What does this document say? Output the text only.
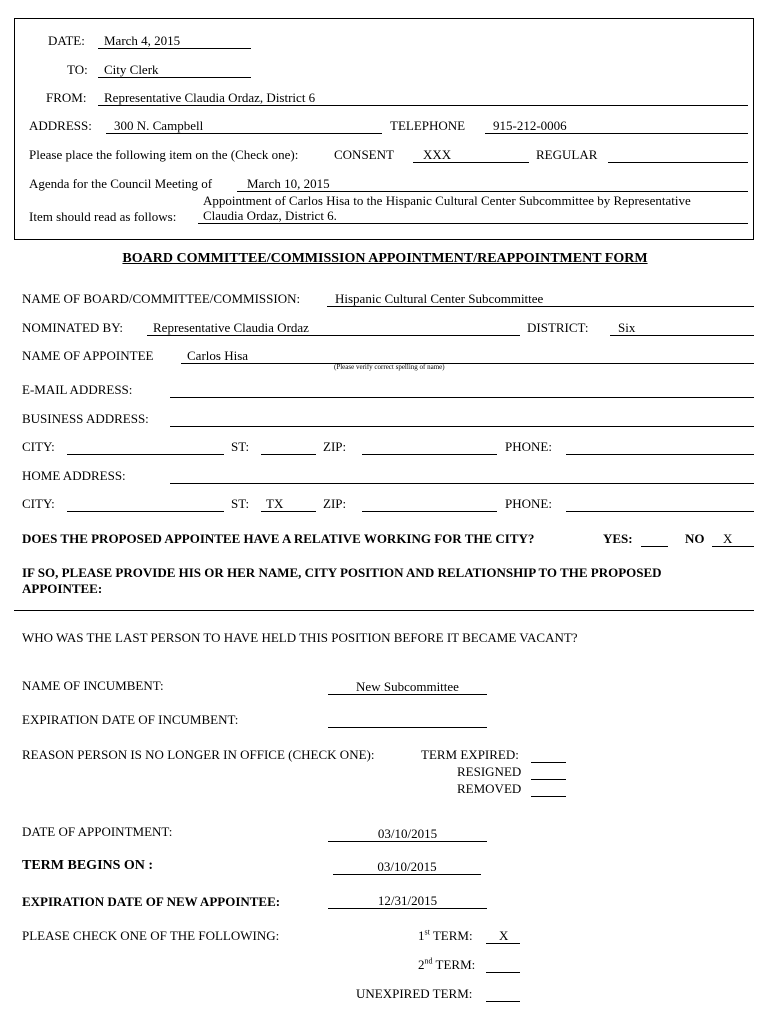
DATE:	March 4, 2015
TO:	City Clerk
FROM:	Representative Claudia Ordaz, District 6
ADDRESS:	300 N. Campbell	TELEPHONE	915-212-0006
Please place the following item on the (Check one):	CONSENT	XXX	REGULAR
Agenda for the Council Meeting of	March 10, 2015
Appointment of Carlos Hisa to the Hispanic Cultural Center Subcommittee by Representative
Item should read as follows:	Claudia Ordaz, District 6.
BOARD COMMITTEE/COMMISSION APPOINTMENT/REAPPOINTMENT FORM
NAME OF BOARD/COMMITTEE/COMMISSION:	Hispanic Cultural Center Subcommittee
NOMINATED BY:	Representative Claudia Ordaz	DISTRICT:	Six
NAME OF APPOINTEE	Carlos Hisa
(Please verify correct spelling of name)
E-MAIL ADDRESS:
BUSINESS ADDRESS:
CITY:	ST:	ZIP:	PHONE:
HOME ADDRESS:
CITY:	ST:	TX	ZIP:	PHONE:
DOES THE PROPOSED APPOINTEE HAVE A RELATIVE WORKING FOR THE CITY?	YES:	NO	X
IF SO, PLEASE PROVIDE HIS OR HER NAME, CITY POSITION AND RELATIONSHIP TO THE PROPOSED
APPOINTEE:
WHO WAS THE LAST PERSON TO HAVE HELD THIS POSITION BEFORE IT BECAME VACANT?
NAME OF INCUMBENT:	New Subcommittee
EXPIRATION DATE OF INCUMBENT:
REASON PERSON IS NO LONGER IN OFFICE (CHECK ONE):	TERM EXPIRED:
RESIGNED
REMOVED
DATE OF APPOINTMENT:	03/10/2015
TERM BEGINS ON :	03/10/2015
EXPIRATION DATE OF NEW APPOINTEE:	12/31/2015
PLEASE CHECK ONE OF THE FOLLOWING:	1st TERM:	X
2nd TERM:
UNEXPIRED TERM:
